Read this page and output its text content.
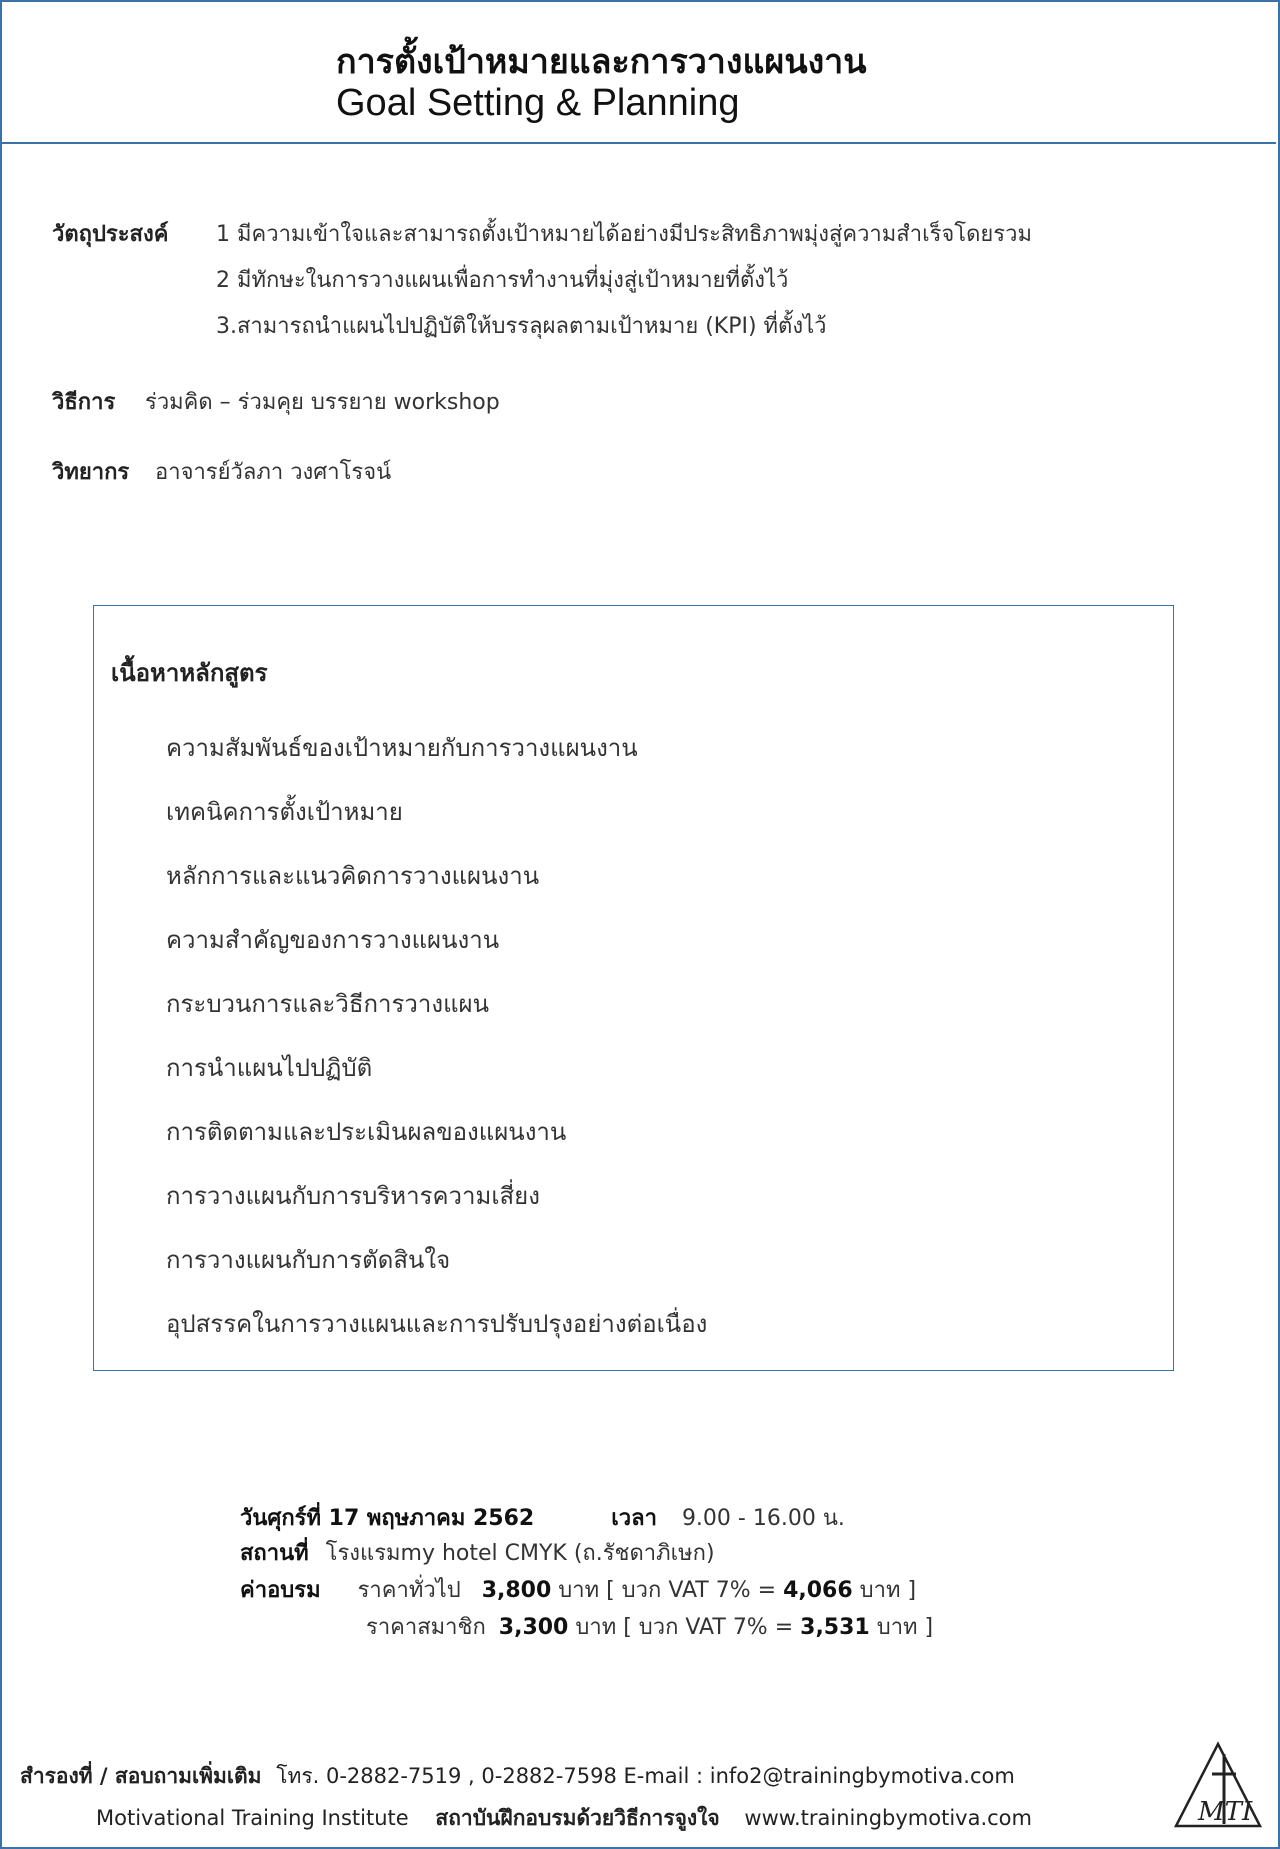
การตั้งเป้าหมายและการวางแผนงาน
Goal Setting & Planning
วัตถุประสงค์ 1 มีความเข้าใจและสามารถตั้งเป้าหมายได้อย่างมีประสิทธิภาพมุ่งสู่ความสำเร็จโดยรวม
2 มีทักษะในการวางแผนเพื่อการทำงานที่มุ่งสู่เป้าหมายที่ตั้งไว้
3.สามารถนำแผนไปปฏิบัติให้บรรลุผลตามเป้าหมาย (KPI) ที่ตั้งไว้
วิธีการ ร่วมคิด – ร่วมคุย บรรยาย workshop
วิทยากร อาจารย์วัลภา วงศาโรจน์
เนื้อหาหลักสูตร
ความสัมพันธ์ของเป้าหมายกับการวางแผนงาน
เทคนิคการตั้งเป้าหมาย
หลักการและแนวคิดการวางแผนงาน
ความสำคัญของการวางแผนงาน
กระบวนการและวิธีการวางแผน
การนำแผนไปปฏิบัติ
การติดตามและประเมินผลของแผนงาน
การวางแผนกับการบริหารความเสี่ยง
การวางแผนกับการตัดสินใจ
อุปสรรคในการวางแผนและการปรับปรุงอย่างต่อเนื่อง
วันศุกร์ที่ 17 พฤษภาคม 2562	เวลา 9.00 - 16.00 น.
สถานที่ โรงแรมmy hotel CMYK (ถ.รัชดาภิเษก)
ค่าอบรม ราคาทั่วไป 3,800 บาท [ บวก VAT 7% = 4,066 บาท ]
ราคาสมาชิก 3,300 บาท [ บวก VAT 7% = 3,531 บาท ]
สำรองที่ / สอบถามเพิ่มเติม โทร. 0-2882-7519 , 0-2882-7598 E-mail : info2@trainingbymotiva.com
Motivational Training Institute สถาบันฝึกอบรมด้วยวิธีการจูงใจ www.trainingbymotiva.com	MTI
